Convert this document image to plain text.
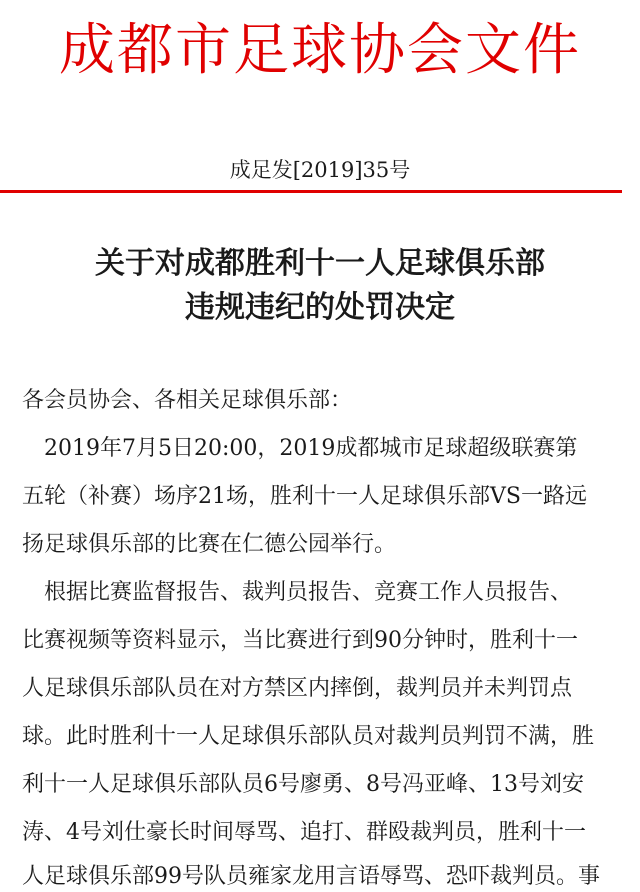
成都市足球协会文件
成足发[2019]35号
关于对成都胜利十一人足球俱乐部
违规违纪的处罚决定
各会员协会、各相关足球俱乐部：
　2019年7月5日20:00，2019成都城市足球超级联赛第
五轮（补赛）场序21场，胜利十一人足球俱乐部VS一路远
扬足球俱乐部的比赛在仁德公园举行。
　根据比赛监督报告、裁判员报告、竞赛工作人员报告、
比赛视频等资料显示，当比赛进行到90分钟时，胜利十一
人足球俱乐部队员在对方禁区内摔倒，裁判员并未判罚点
球。此时胜利十一人足球俱乐部队员对裁判员判罚不满，胜
利十一人足球俱乐部队员6号廖勇、8号冯亚峰、13号刘安
涛、4号刘仕豪长时间辱骂、追打、群殴裁判员，胜利十一
人足球俱乐部99号队员雍家龙用言语辱骂、恐吓裁判员。事
